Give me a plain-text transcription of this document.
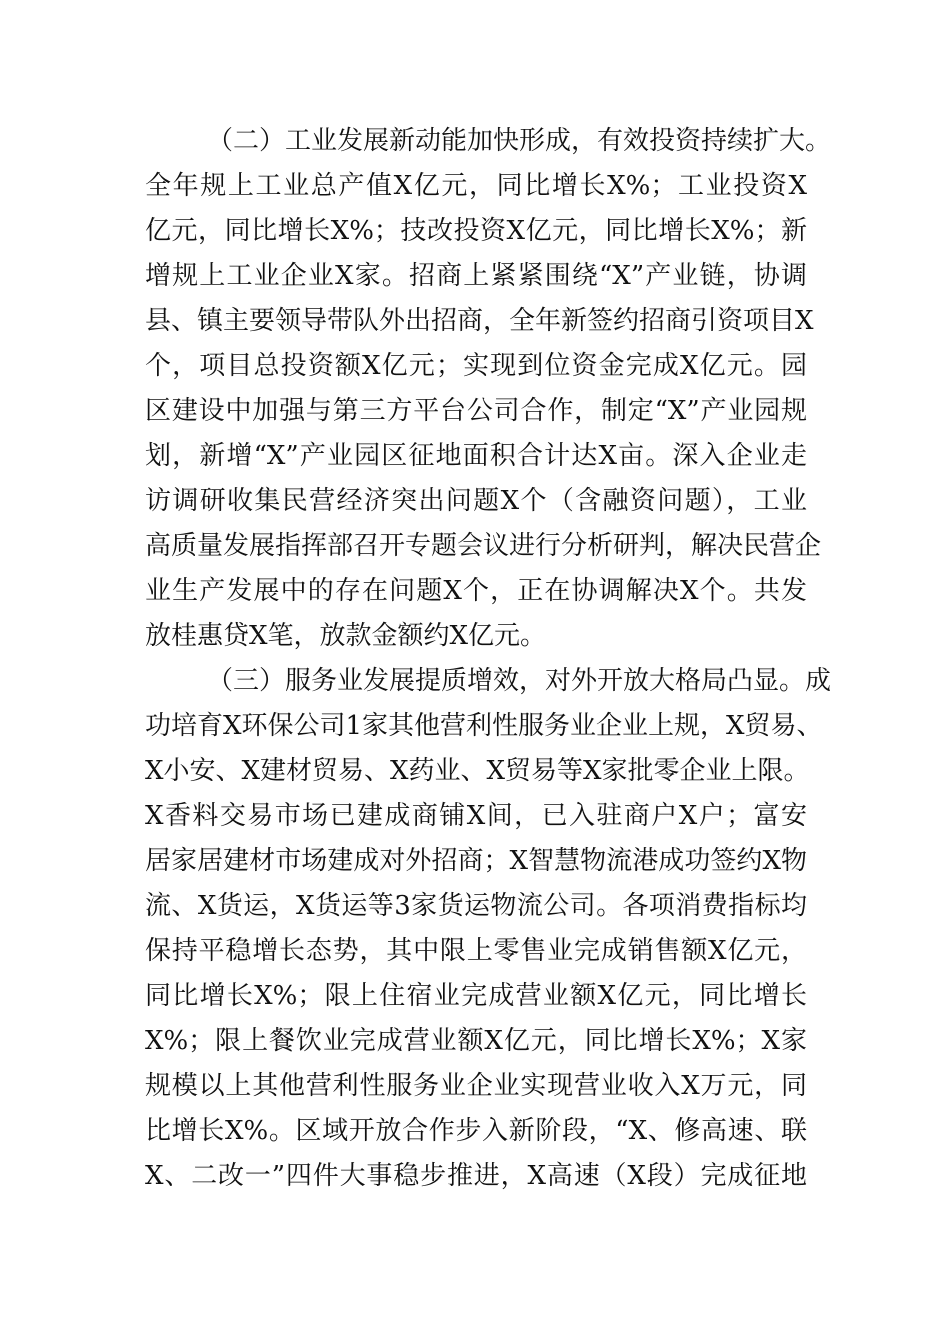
（二）工业发展新动能加快形成，有效投资持续扩大。
全年规上工业总产值X亿元，同比增长X%；工业投资X
亿元，同比增长X%；技改投资X亿元，同比增长X%；新
增规上工业企业X家。招商上紧紧围绕“X”产业链，协调
县、镇主要领导带队外出招商，全年新签约招商引资项目X
个，项目总投资额X亿元；实现到位资金完成X亿元。园
区建设中加强与第三方平台公司合作，制定“X”产业园规
划，新增“X”产业园区征地面积合计达X亩。深入企业走
访调研收集民营经济突出问题X个（含融资问题），工业
高质量发展指挥部召开专题会议进行分析研判，解决民营企
业生产发展中的存在问题X个，正在协调解决X个。共发
放桂惠贷X笔，放款金额约X亿元。
（三）服务业发展提质增效，对外开放大格局凸显。成
功培育X环保公司1家其他营利性服务业企业上规，X贸易、
X小安、X建材贸易、X药业、X贸易等X家批零企业上限。
X香料交易市场已建成商铺X间，已入驻商户X户；富安
居家居建材市场建成对外招商；X智慧物流港成功签约X物
流、X货运，X货运等3家货运物流公司。各项消费指标均
保持平稳增长态势，其中限上零售业完成销售额X亿元，
同比增长X%；限上住宿业完成营业额X亿元，同比增长
X%；限上餐饮业完成营业额X亿元，同比增长X%；X家
规模以上其他营利性服务业企业实现营业收入X万元，同
比增长X%。区域开放合作步入新阶段，“X、修高速、联
X、二改一”四件大事稳步推进，X高速（X段）完成征地
